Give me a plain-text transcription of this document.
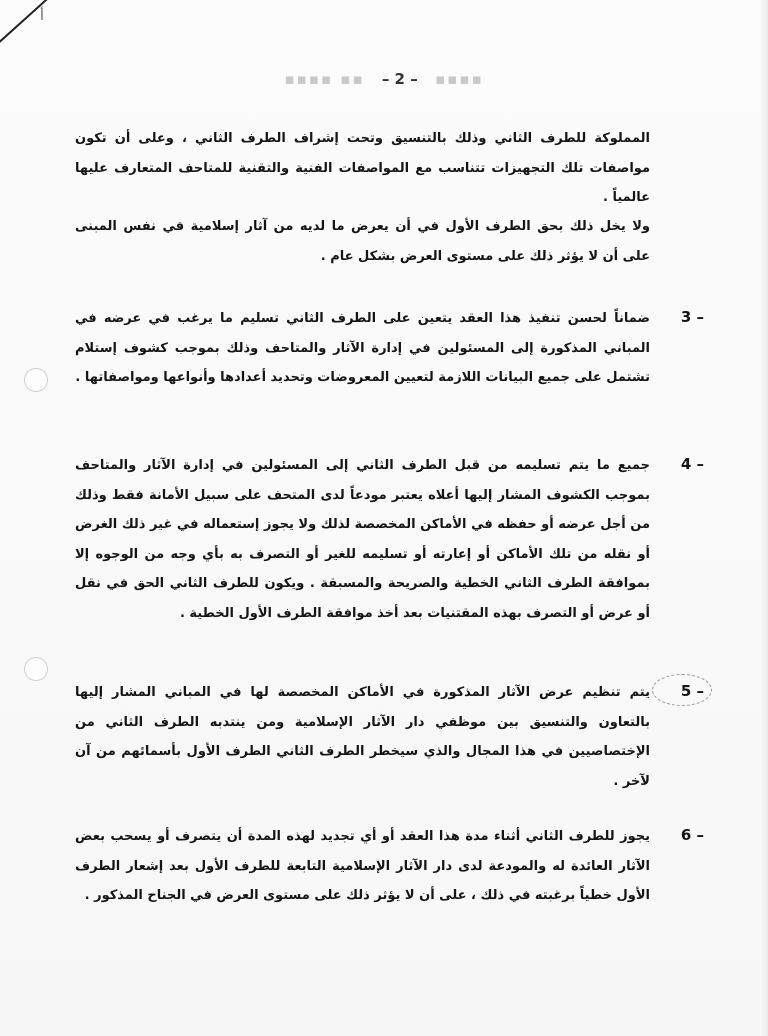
أ
▪▪▪▪ ▪▪ – 2 – ▪▪▪▪
المملوكة للطرف الثاني وذلك بالتنسيق وتحت إشراف الطرف الثاني ، وعلى أن تكون مواصفات تلك التجهيزات تتناسب مع المواصفات الفنية والتقنية للمتاحف المتعارف عليها عالمياً .
ولا يخل ذلك بحق الطرف الأول في أن يعرض ما لديه من آثار إسلامية في نفس المبنى على أن لا يؤثر ذلك على مستوى العرض بشكل عام .
3 –
ضماناً لحسن تنفيذ هذا العقد يتعين على الطرف الثاني تسليم ما يرغب في عرضه في المباني المذكورة إلى المسئولين في إدارة الآثار والمتاحف وذلك بموجب كشوف إستلام تشتمل على جميع البيانات اللازمة لتعيين المعروضات وتحديد أعدادها وأنواعها ومواصفاتها .
4 –
جميع ما يتم تسليمه من قبل الطرف الثاني إلى المسئولين في إدارة الآثار والمتاحف بموجب الكشوف المشار إليها أعلاه يعتبر مودعاً لدى المتحف على سبيل الأمانة فقط وذلك من أجل عرضه أو حفظه في الأماكن المخصصة لذلك ولا يجوز إستعماله في غير ذلك الغرض أو نقله من تلك الأماكن أو إعارته أو تسليمه للغير أو التصرف به بأي وجه من الوجوه إلا بموافقة الطرف الثاني الخطية والصريحة والمسبقة . ويكون للطرف الثاني الحق في نقل أو عرض أو التصرف بهذه المقتنيات بعد أخذ موافقة الطرف الأول الخطية .
5 –
يتم تنظيم عرض الآثار المذكورة في الأماكن المخصصة لها في المباني المشار إليها بالتعاون والتنسيق بين موظفي دار الآثار الإسلامية ومن ينتدبه الطرف الثاني من الإختصاصيين في هذا المجال والذي سيخطر الطرف الثاني الطرف الأول بأسمائهم من آن لآخر .
6 –
يجوز للطرف الثاني أثناء مدة هذا العقد أو أي تجديد لهذه المدة أن يتصرف أو يسحب بعض الآثار العائدة له والمودعة لدى دار الآثار الإسلامية التابعة للطرف الأول بعد إشعار الطرف الأول خطياً برغبته في ذلك ، على أن لا يؤثر ذلك على مستوى العرض في الجناح المذكور .
